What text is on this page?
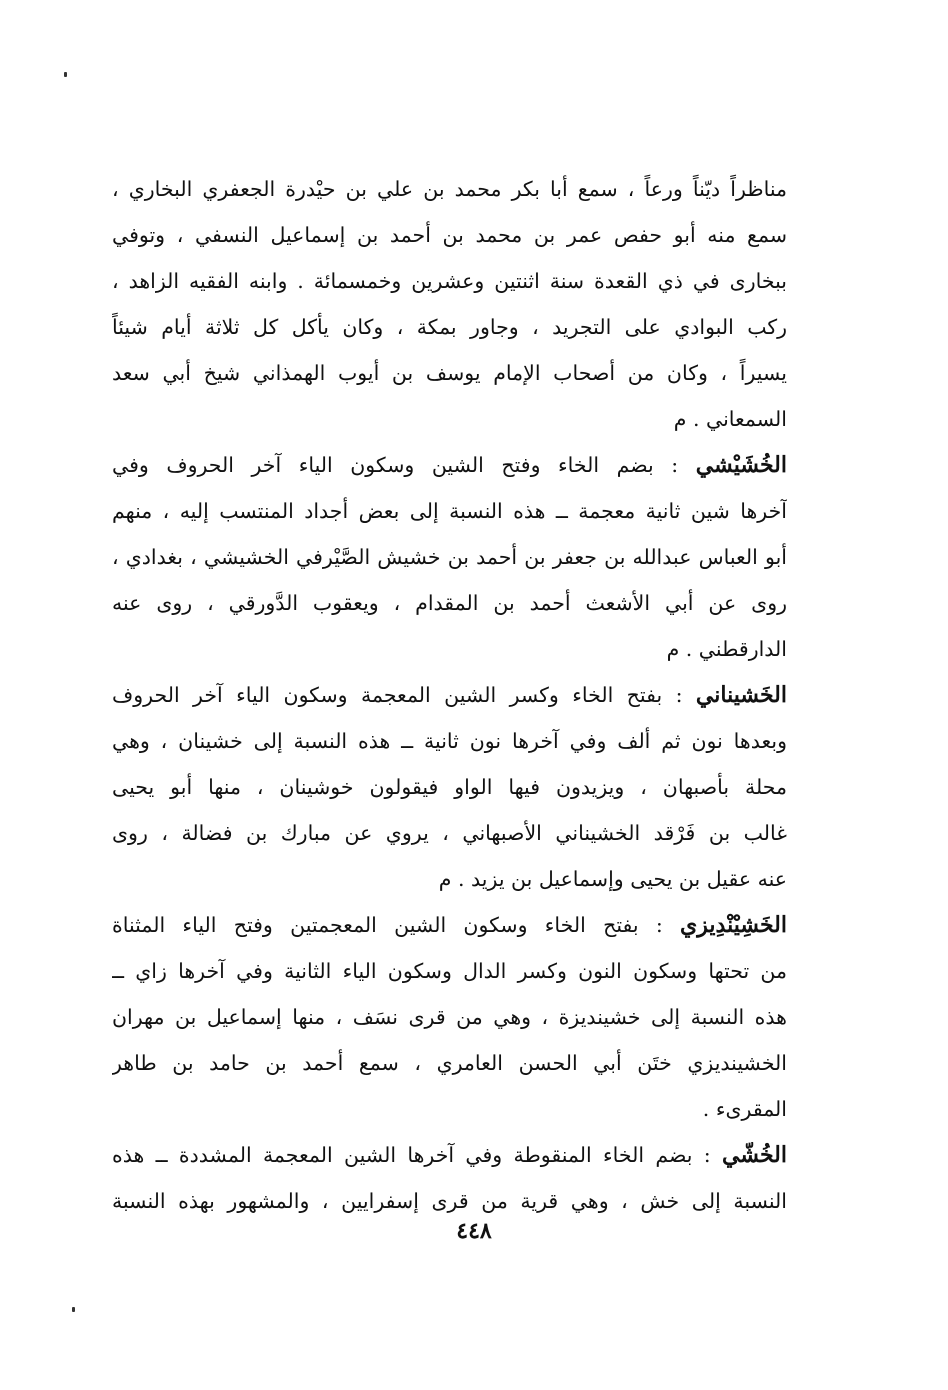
مناظراً ديّناً ورعاً ، سمع أبا بكر محمد بن علي بن حيْدرة الجعفري البخاري ،
سمع منه أبو حفص عمر بن محمد بن أحمد بن إسماعيل النسفي ، وتوفي
ببخارى في ذي القعدة سنة اثنتين وعشرين وخمسمائة . وابنه الفقيه الزاهد ،
ركب البوادي على التجريد ، وجاور بمكة ، وكان يأكل كل ثلاثة أيام شيئاً
يسيراً ، وكان من أصحاب الإمام يوسف بن أيوب الهمذاني شيخ أبي سعد
السمعاني . م
الخُشَيْشي : بضم الخاء وفتح الشين وسكون الياء آخر الحروف وفي
آخرها شين ثانية معجمة ــ هذه النسبة إلى بعض أجداد المنتسب إليه ، منهم
أبو العباس عبدالله بن جعفر بن أحمد بن خشيش الصَّيْرفي الخشيشي ، بغدادي ،
روى عن أبي الأشعث أحمد بن المقدام ، ويعقوب الدَّورقي ، روى عنه
الدارقطني . م
الخَشيناني : بفتح الخاء وكسر الشين المعجمة وسكون الياء آخر الحروف
وبعدها نون ثم ألف وفي آخرها نون ثانية ــ هذه النسبة إلى خشينان ، وهي
محلة بأصبهان ، ويزيدون فيها الواو فيقولون خوشينان ، منها أبو يحيى
غالب بن فَرْقد الخشيناني الأصبهاني ، يروي عن مبارك بن فضالة ، روى
عنه عقيل بن يحيى وإسماعيل بن يزيد . م
الخَشِيْنْدِيزي : بفتح الخاء وسكون الشين المعجمتين وفتح الياء المثناة
من تحتها وسكون النون وكسر الدال وسكون الياء الثانية وفي آخرها زاي ــ
هذه النسبة إلى خشينديزة ، وهي من قرى نسَف ، منها إسماعيل بن مهران
الخشينديزي ختَن أبي الحسن العامري ، سمع أحمد بن حامد بن طاهر
المقرىء .
الخُشّي : بضم الخاء المنقوطة وفي آخرها الشين المعجمة المشددة ــ هذه
النسبة إلى خش ، وهي قرية من قرى إسفرايين ، والمشهور بهذه النسبة
٤٤٨
